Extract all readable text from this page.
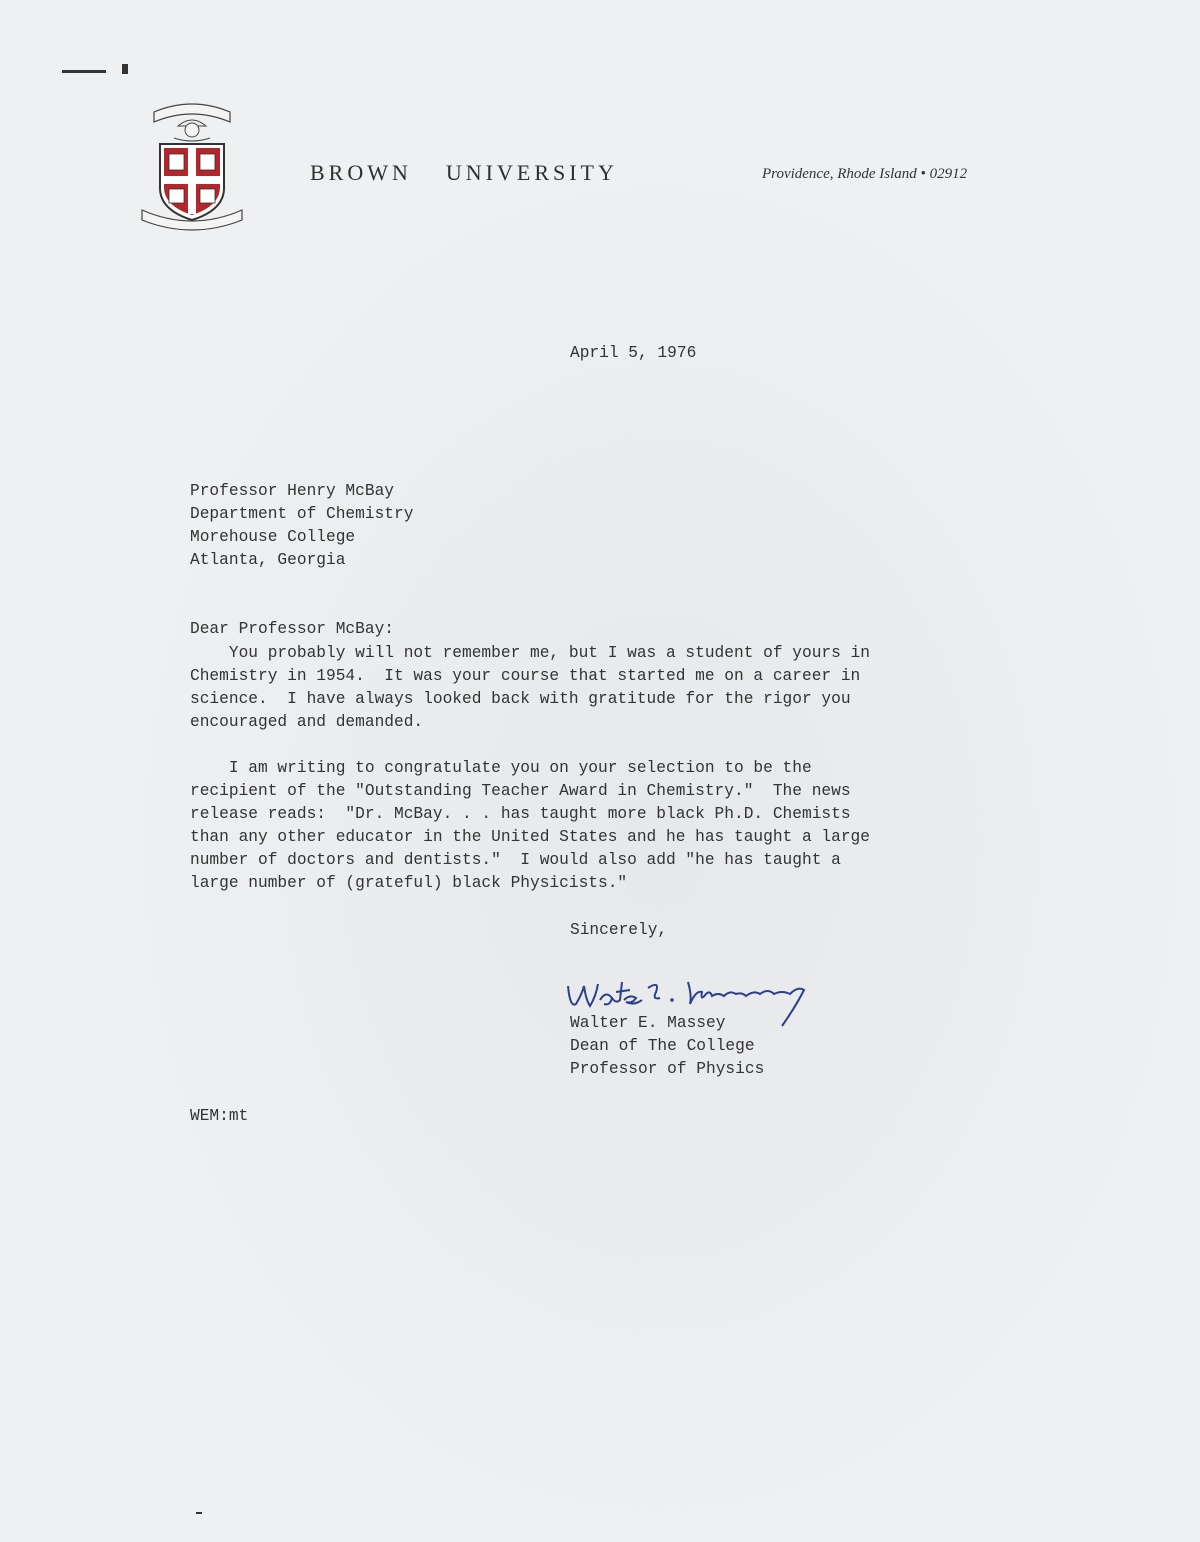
BROWN UNIVERSITY	Providence, Rhode Island • 02912
April 5, 1976
Professor Henry McBay
Department of Chemistry
Morehouse College
Atlanta, Georgia
Dear Professor McBay:
You probably will not remember me, but I was a student of yours in
Chemistry in 1954.  It was your course that started me on a career in
science.  I have always looked back with gratitude for the rigor you
encouraged and demanded.
I am writing to congratulate you on your selection to be the
recipient of the "Outstanding Teacher Award in Chemistry."  The news
release reads:  "Dr. McBay. . . has taught more black Ph.D. Chemists
than any other educator in the United States and he has taught a large
number of doctors and dentists."  I would also add "he has taught a
large number of (grateful) black Physicists."
Sincerely,
Walter E. Massey
Dean of The College
Professor of Physics
WEM:mt
